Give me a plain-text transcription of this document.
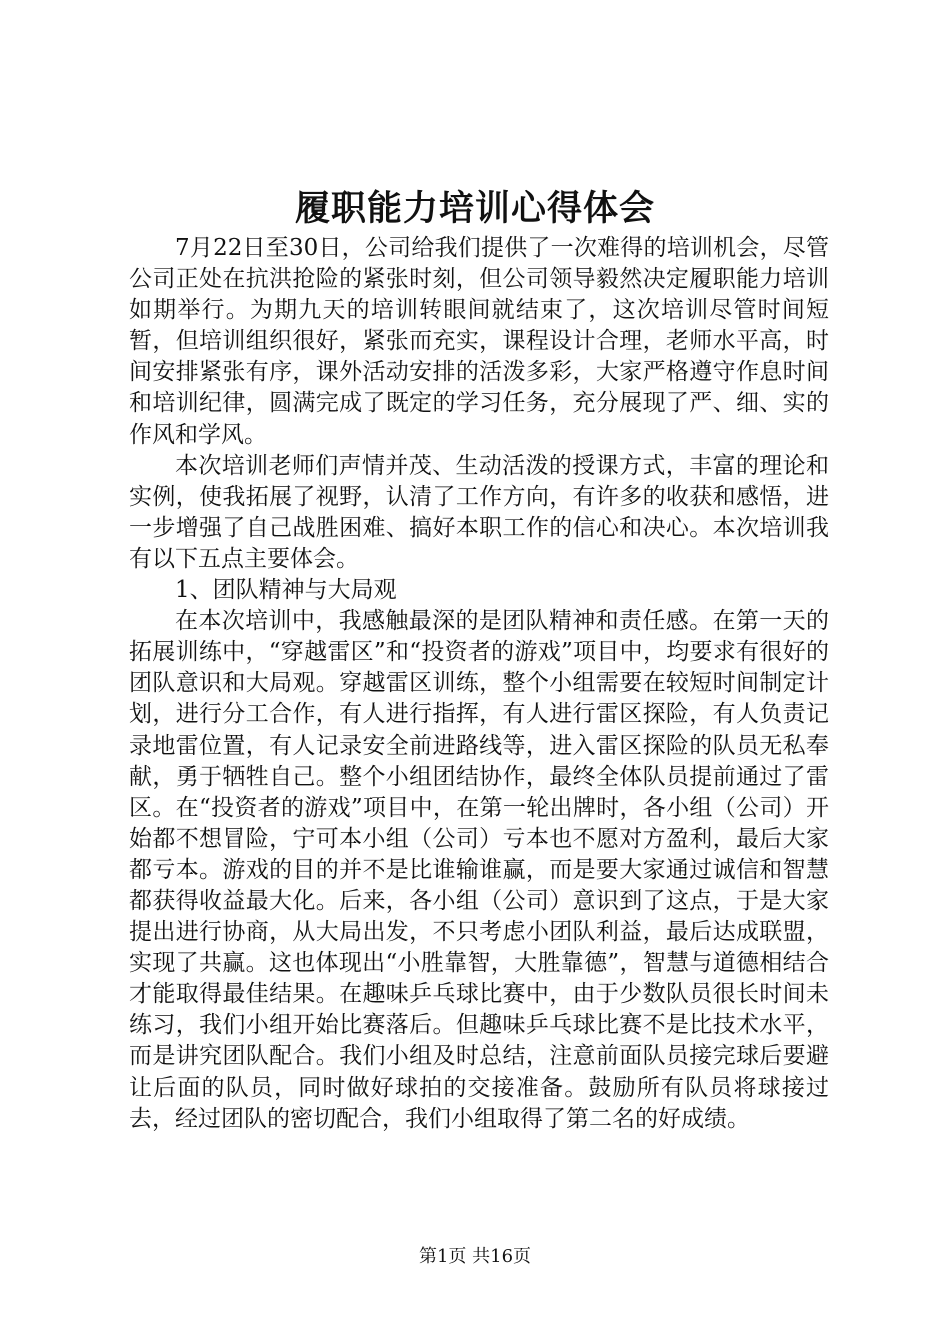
履职能力培训心得体会

7月22日至30日，公司给我们提供了一次难得的培训机会，尽管公司正处在抗洪抢险的紧张时刻，但公司领导毅然决定履职能力培训如期举行。为期九天的培训转眼间就结束了，这次培训尽管时间短暂，但培训组织很好，紧张而充实，课程设计合理，老师水平高，时间安排紧张有序，课外活动安排的活泼多彩，大家严格遵守作息时间和培训纪律，圆满完成了既定的学习任务，充分展现了严、细、实的作风和学风。

本次培训老师们声情并茂、生动活泼的授课方式，丰富的理论和实例，使我拓展了视野，认清了工作方向，有许多的收获和感悟，进一步增强了自己战胜困难、搞好本职工作的信心和决心。本次培训我有以下五点主要体会。

1、团队精神与大局观

在本次培训中，我感触最深的是团队精神和责任感。在第一天的拓展训练中，“穿越雷区”和“投资者的游戏”项目中，均要求有很好的团队意识和大局观。穿越雷区训练，整个小组需要在较短时间制定计划，进行分工合作，有人进行指挥，有人进行雷区探险，有人负责记录地雷位置，有人记录安全前进路线等，进入雷区探险的队员无私奉献，勇于牺牲自己。整个小组团结协作，最终全体队员提前通过了雷区。在“投资者的游戏”项目中，在第一轮出牌时，各小组（公司）开始都不想冒险，宁可本小组（公司）亏本也不愿对方盈利，最后大家都亏本。游戏的目的并不是比谁输谁赢，而是要大家通过诚信和智慧都获得收益最大化。后来，各小组（公司）意识到了这点，于是大家提出进行协商，从大局出发，不只考虑小团队利益，最后达成联盟，实现了共赢。这也体现出“小胜靠智，大胜靠德”，智慧与道德相结合才能取得最佳结果。在趣味乒乓球比赛中，由于少数队员很长时间未练习，我们小组开始比赛落后。但趣味乒乓球比赛不是比技术水平，而是讲究团队配合。我们小组及时总结，注意前面队员接完球后要避让后面的队员，同时做好球拍的交接准备。鼓励所有队员将球接过去，经过团队的密切配合，我们小组取得了第二名的好成绩。

第1页 共16页
